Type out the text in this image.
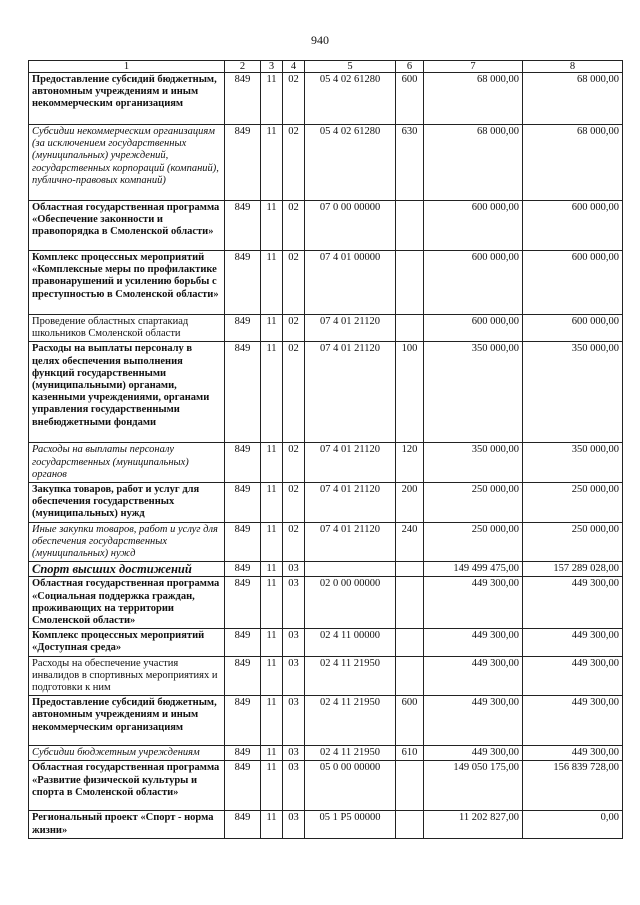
940
1	2	3	4	5	6	7	8
Предоставление субсидий бюджетным, автономным учреждениям и иным некоммерческим организациям	849	11	02	05 4 02 61280	600	68 000,00	68 000,00
Субсидии некоммерческим организациям (за исключением государственных (муниципальных) учреждений, государственных корпораций (компаний), публично-правовых компаний)	849	11	02	05 4 02 61280	630	68 000,00	68 000,00
Областная государственная программа «Обеспечение законности и правопорядка в Смоленской области»	849	11	02	07 0 00 00000		600 000,00	600 000,00
Комплекс процессных мероприятий «Комплексные меры по профилактике правонарушений и усилению борьбы с преступностью в Смоленской области»	849	11	02	07 4 01 00000		600 000,00	600 000,00
Проведение областных спартакиад школьников Смоленской области	849	11	02	07 4 01 21120		600 000,00	600 000,00
Расходы на выплаты персоналу в целях обеспечения выполнения функций государственными (муниципальными) органами, казенными учреждениями, органами управления государственными внебюджетными фондами	849	11	02	07 4 01 21120	100	350 000,00	350 000,00
Расходы на выплаты персоналу государственных (муниципальных) органов	849	11	02	07 4 01 21120	120	350 000,00	350 000,00
Закупка товаров, работ и услуг для обеспечения государственных (муниципальных) нужд	849	11	02	07 4 01 21120	200	250 000,00	250 000,00
Иные закупки товаров, работ и услуг для обеспечения государственных (муниципальных) нужд	849	11	02	07 4 01 21120	240	250 000,00	250 000,00
Спорт высших достижений	849	11	03			149 499 475,00	157 289 028,00
Областная государственная программа «Социальная поддержка граждан, проживающих на территории Смоленской области»	849	11	03	02 0 00 00000		449 300,00	449 300,00
Комплекс процессных мероприятий «Доступная среда»	849	11	03	02 4 11 00000		449 300,00	449 300,00
Расходы на обеспечение участия инвалидов в спортивных мероприятиях и подготовки к ним	849	11	03	02 4 11 21950		449 300,00	449 300,00
Предоставление субсидий бюджетным, автономным учреждениям и иным некоммерческим организациям	849	11	03	02 4 11 21950	600	449 300,00	449 300,00
Субсидии бюджетным учреждениям	849	11	03	02 4 11 21950	610	449 300,00	449 300,00
Областная государственная программа «Развитие физической культуры и спорта в Смоленской области»	849	11	03	05 0 00 00000		149 050 175,00	156 839 728,00
Региональный проект «Спорт - норма жизни»	849	11	03	05 1 P5 00000		11 202 827,00	0,00
